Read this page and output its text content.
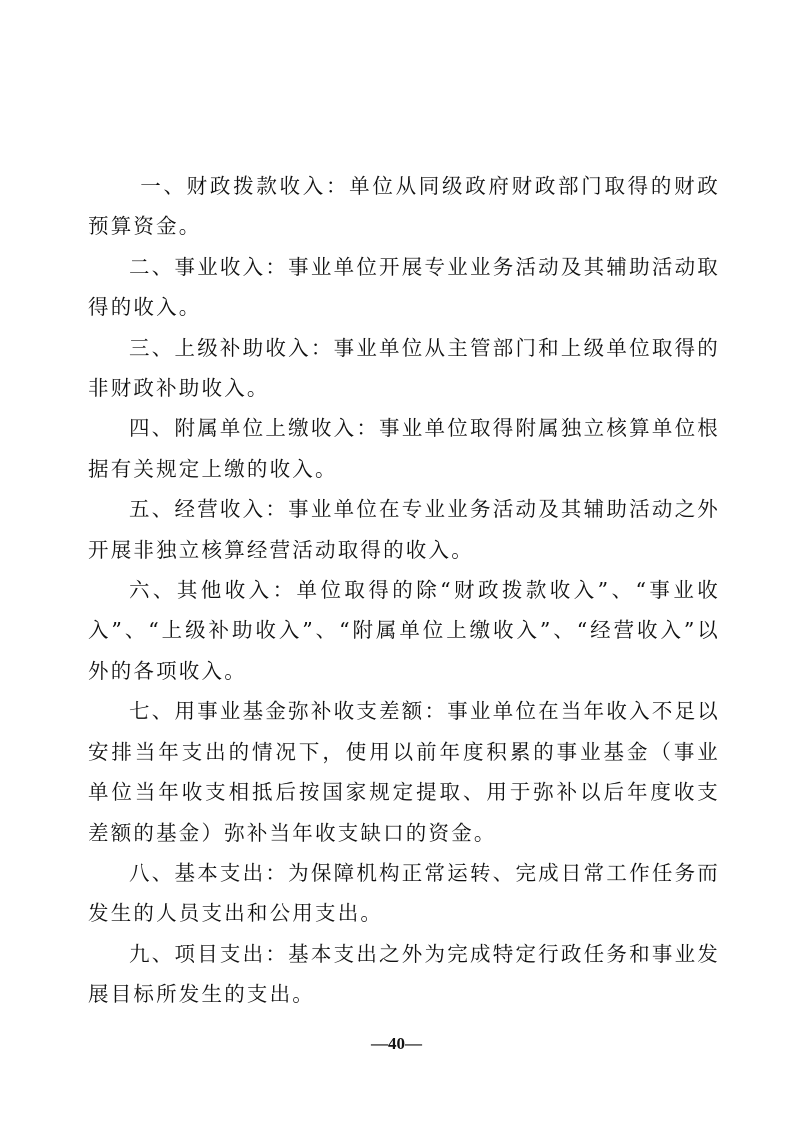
一、财政拨款收入：单位从同级政府财政部门取得的财政预算资金。

二、事业收入：事业单位开展专业业务活动及其辅助活动取得的收入。

三、上级补助收入：事业单位从主管部门和上级单位取得的非财政补助收入。

四、附属单位上缴收入：事业单位取得附属独立核算单位根据有关规定上缴的收入。

五、经营收入：事业单位在专业业务活动及其辅助活动之外开展非独立核算经营活动取得的收入。

六、其他收入：单位取得的除“财政拨款收入”、“事业收入”、“上级补助收入”、“附属单位上缴收入”、“经营收入”以外的各项收入。

七、用事业基金弥补收支差额：事业单位在当年收入不足以安排当年支出的情况下，使用以前年度积累的事业基金（事业单位当年收支相抵后按国家规定提取、用于弥补以后年度收支差额的基金）弥补当年收支缺口的资金。

八、基本支出：为保障机构正常运转、完成日常工作任务而发生的人员支出和公用支出。

九、项目支出：基本支出之外为完成特定行政任务和事业发展目标所发生的支出。

—40—
